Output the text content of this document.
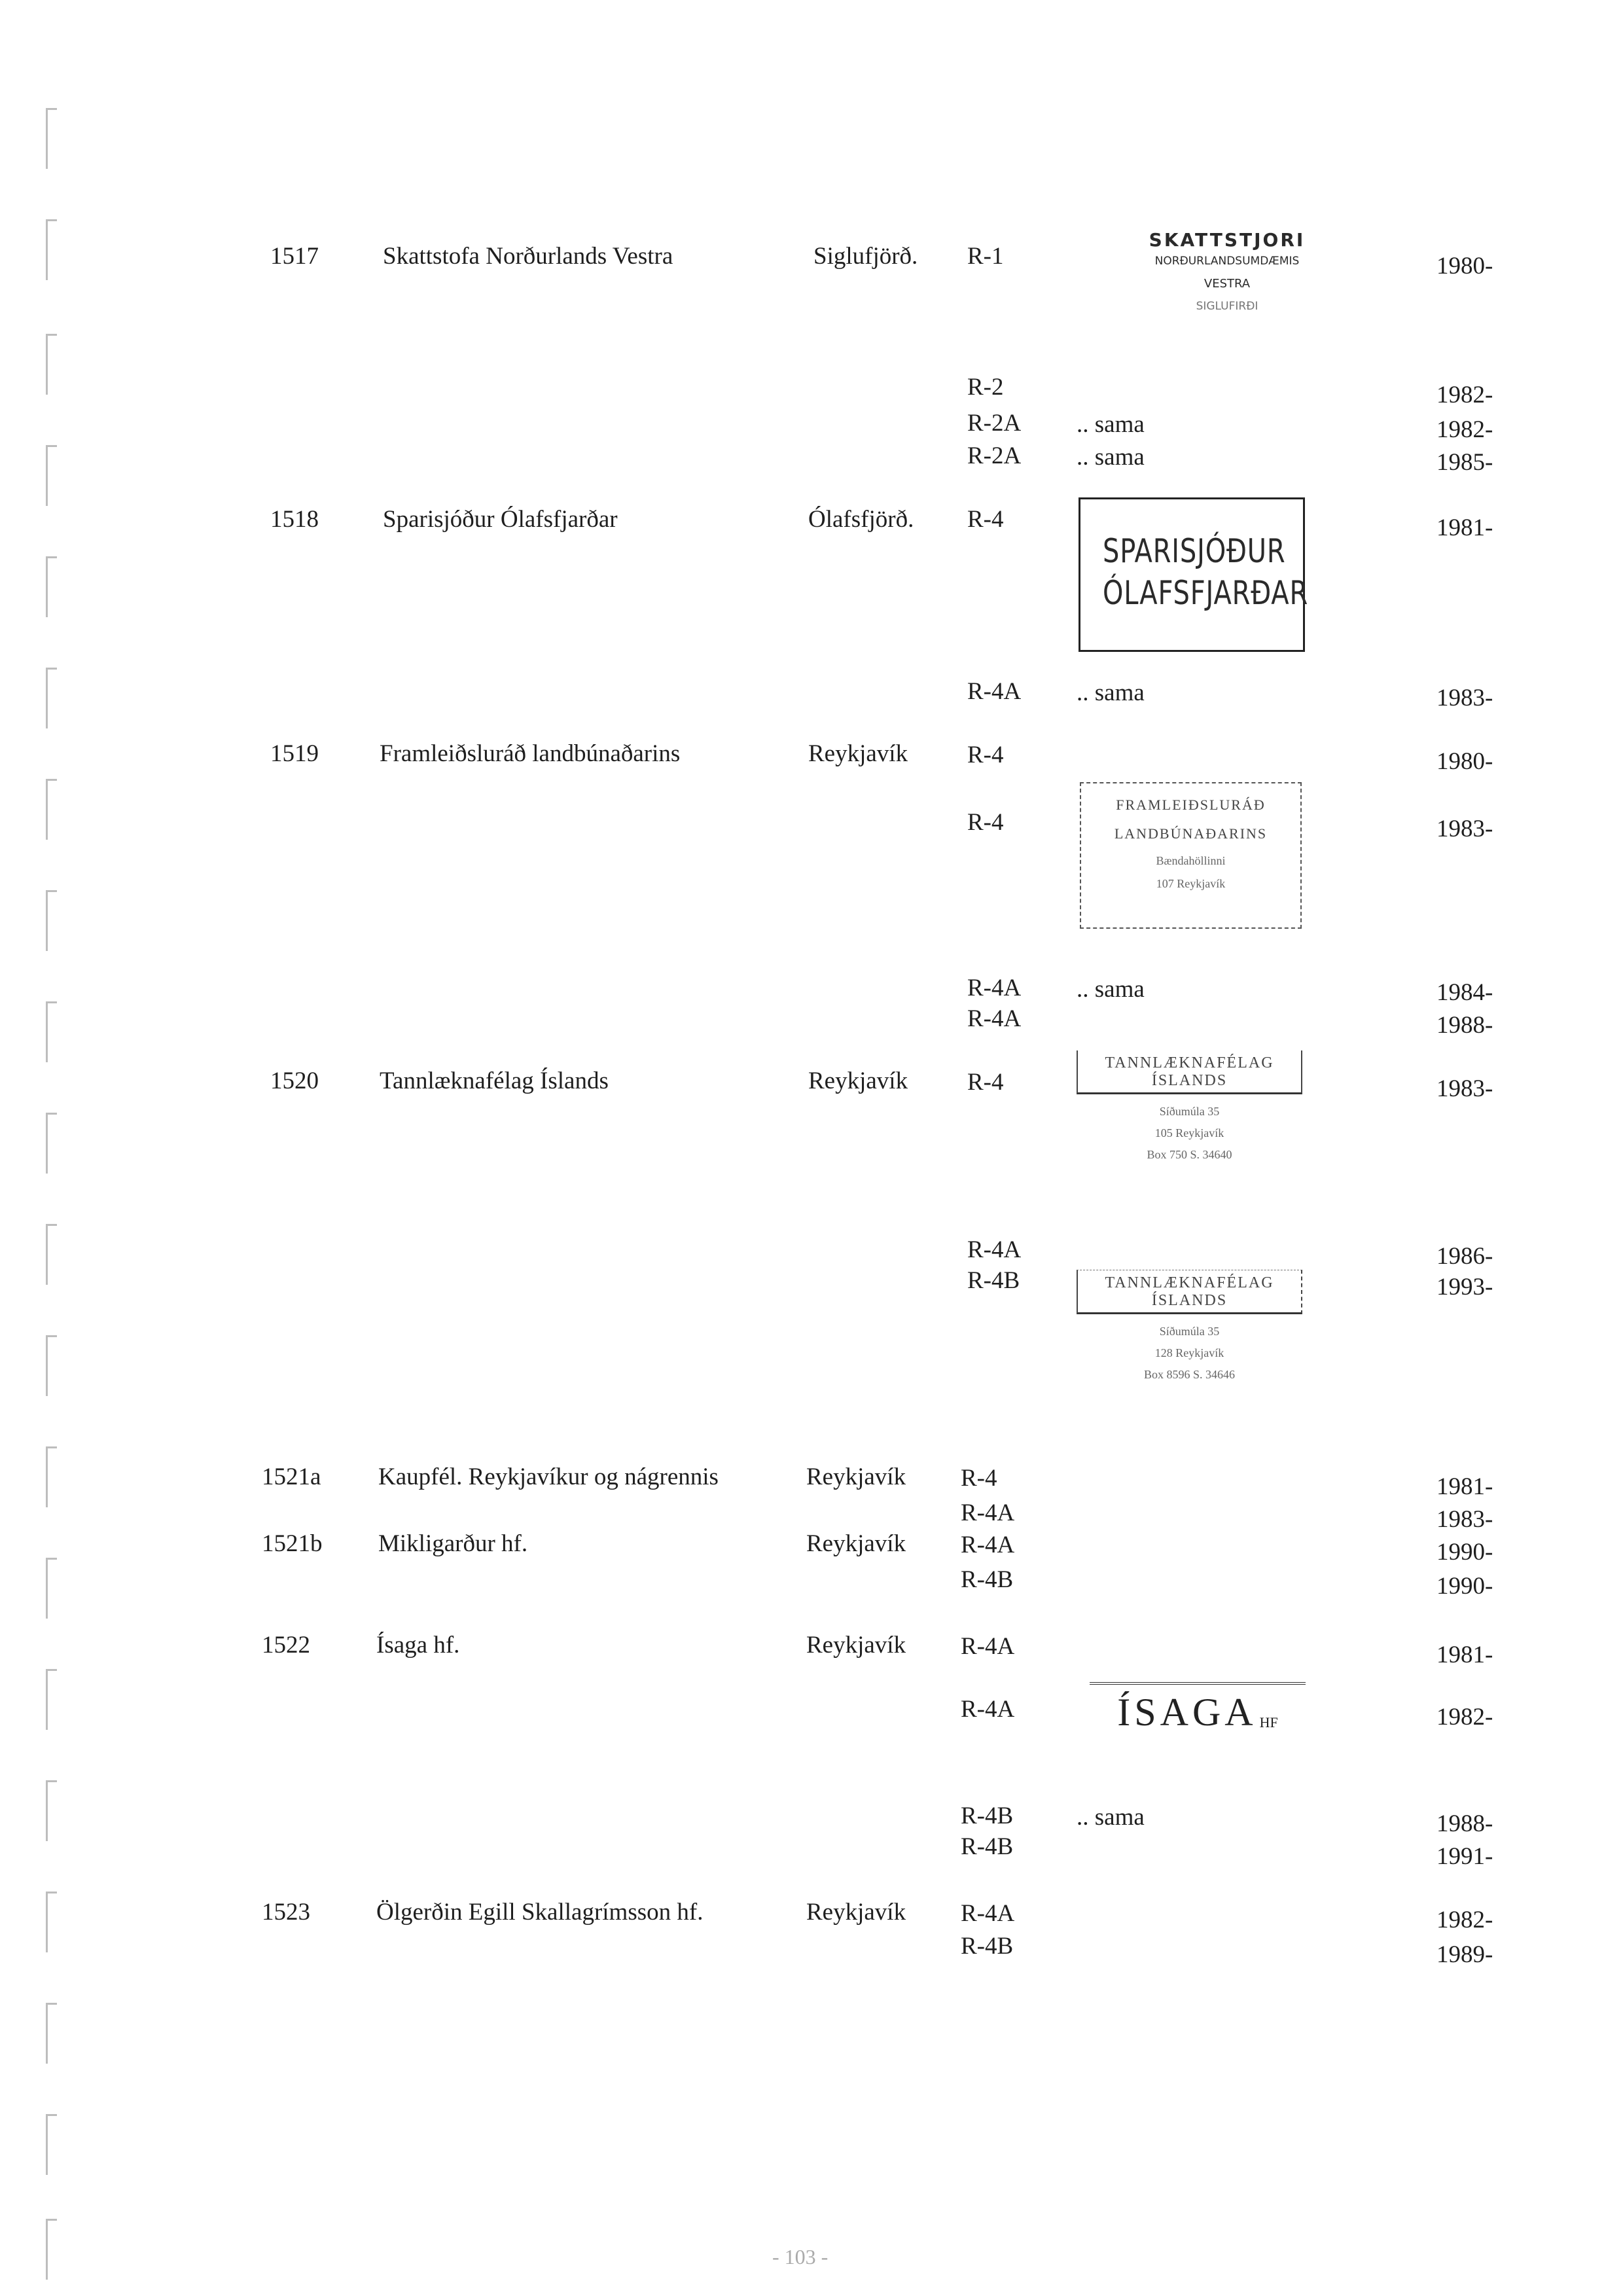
1517	Skattstofa Norðurlands Vestra	Siglufjörð. R-1	1980-
SKATTSTJORI
NORÐURLANDSUMDÆMIS
VESTRA
SIGLUFIRÐI
R-2	1982-
R-2A .. sama	1982-
R-2A .. sama	1985-
1518	Sparisjóður Ólafsfjarðar	Ólafsfjörð. R-4	1981-
SPARISJÓÐUR
ÓLAFSFJARÐAR
R-4A .. sama	1983-
1519	Framleiðsluráð landbúnaðarins	Reykjavík R-4	1980-
R-4	1983-
FRAMLEIÐSLURÁÐ
LANDBÚNAÐARINS
Bændahöllinni
107 Reykjavík
R-4A .. sama	1984-
R-4A	1988-
1520	Tannlæknafélag Íslands	Reykjavík R-4	1983-
TANNLÆKNAFÉLAG
ÍSLANDS
Síðumúla 35
105 Reykjavík
Box 750 S. 34640
R-4A	1986-
R-4B	1993-
TANNLÆKNAFÉLAG
ÍSLANDS
Síðumúla 35
128 Reykjavík
Box 8596 S. 34646
1521a Kaupfél. Reykjavíkur og nágrennis	Reykjavík R-4	1981-
R-4A	1983-
1521b Mikligarður hf.	Reykjavík R-4A	1990-
R-4B	1990-
1522	Ísaga hf.	Reykjavík R-4A	1981-
R-4A	1982-
ÍSAGA HF
R-4B	.. sama	1988-
R-4B	1991-
1523	Ölgerðin Egill Skallagrímsson hf.	Reykjavík R-4A	1982-
R-4B	1989-
- 103 -
